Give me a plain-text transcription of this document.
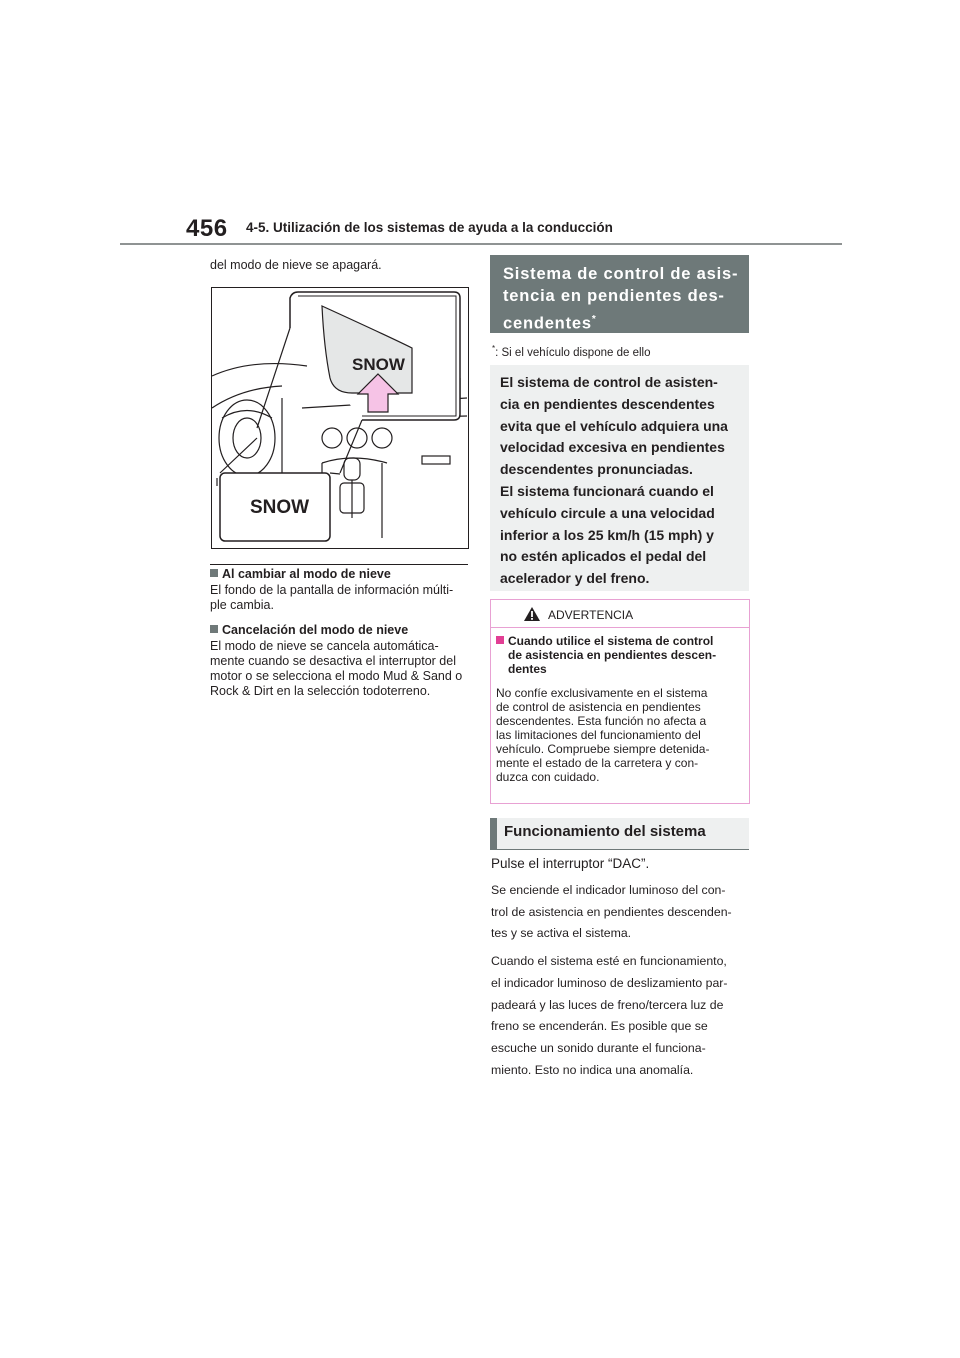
456 4-5. Utilización de los sistemas de ayuda a la conducción
del modo de nieve se apagará.
SNOW
SNOW
Al cambiar al modo de nieve
El fondo de la pantalla de información múlti-
ple cambia.
Cancelación del modo de nieve
El modo de nieve se cancela automática-
mente cuando se desactiva el interruptor del
motor o se selecciona el modo Mud & Sand o
Rock & Dirt en la selección todoterreno.
Sistema de control de asis-
tencia en pendientes des-
cendentes*
*: Si el vehículo dispone de ello
El sistema de control de asisten-
cia en pendientes descendentes
evita que el vehículo adquiera una
velocidad excesiva en pendientes
descendentes pronunciadas.
El sistema funcionará cuando el
vehículo circule a una velocidad
inferior a los 25 km/h (15 mph) y
no estén aplicados el pedal del
acelerador y del freno.
ADVERTENCIA
Cuando utilice el sistema de control
de asistencia en pendientes descen-
dentes
No confíe exclusivamente en el sistema
de control de asistencia en pendientes
descendentes. Esta función no afecta a
las limitaciones del funcionamiento del
vehículo. Compruebe siempre detenida-
mente el estado de la carretera y con-
duzca con cuidado.
Funcionamiento del sistema
Pulse el interruptor “DAC”.

Se enciende el indicador luminoso del con-
trol de asistencia en pendientes descenden-
tes y se activa el sistema.

Cuando el sistema esté en funcionamiento,
el indicador luminoso de deslizamiento par-
padeará y las luces de freno/tercera luz de
freno se encenderán. Es posible que se
escuche un sonido durante el funciona-
miento. Esto no indica una anomalía.
